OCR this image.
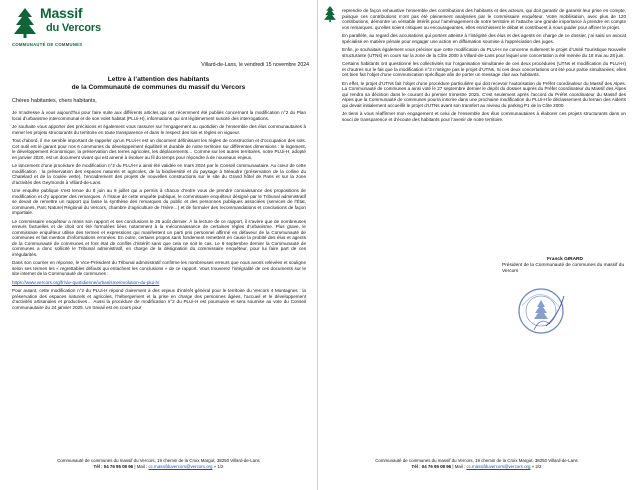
Massif
du Vercors
COMMUNAUTÉ DE COMMUNES
Villard-de-Lans, le vendredi 15 novembre 2024
Lettre à l’attention des habitants
de la Communauté de communes du massif du Vercors
Chères habitantes, chers habitants,

Je m’adresse à vous aujourd’hui pour faire suite aux différents articles qui ont récemment été publiés concernant la modification n°2 du Plan local d’urbanisme intercommunal et de son volet habitat (PLUi-H), informations qui ont légitimement suscité des interrogations.

Je souhaite vous apporter des précisions et également vous rassurer sur l’engagement au quotidien de l’ensemble des élus communautaires à mener les projets structurants du territoire en toute transparence et dans le respect des lois et règles en vigueur.

Tout d’abord, il me semble important de rappeler qu’un PLUi-H est un document définissant les règles de construction et d’occupation des sols. Cet outil est le garant pour nos 6 communes du développement équilibré et durable de notre territoire sur différentes dimensions : le logement, le développement économique, la préservation des terres agricoles, les déplacements… Comme sur les autres territoires, notre PLUi-H, adopté en janvier 2020, est un document vivant qui est amené à évoluer au fil du temps pour répondre à de nouveaux enjeux.

Le lancement d’une procédure de modification n°2 du PLUi-H a ainsi été validée en mars 2024 par le Conseil communautaire. Au cœur de cette modification : la préservation des espaces naturels et agricoles, de la biodiversité et du paysage à Méaudre (préservation de la colline du Chatelard et de la coulée verte), l’encadrement des projets de nouvelles constructions sur le site du Grand hôtel de Paris et sur la zone d’activités des Geymonds à Villard-de-Lans.

Une enquête publique s’est tenue du 8 juin au 9 juillet qui a permis à chacun d’entre vous de prendre connaissance des propositions de modification et d’y apporter des remarques. À l’issue de cette enquête publique, le commissaire enquêteur désigné par le Tribunal administratif se devait de remettre un rapport qui fasse la synthèse des remarques du public et des personnes publiques associées (services de l’État, communes, Parc Naturel Régional du Vercors, chambre d’agriculture de l’Isère…) et de formuler des recommandations et conclusions de façon impartiale.

Le commissaire enquêteur a remis son rapport et ses conclusions le 26 août dernier. À la lecture de ce rapport, il s’avère que de nombreuses erreurs factuelles et de droit ont été formulées liées notamment à la méconnaissance de certaines règles d’urbanisme. Plus grave, le commissaire enquêteur utilise des termes et expressions qui manifestent un parti pris personnel affirmé en défaveur de la Communauté de communes et fait mention d’informations erronées. En outre, certains propos sans fondement remettent en cause la probité des élus et agents de la Communauté de communes et font état de conflits d’intérêt sans que cela ne soit le cas. Le 6 septembre dernier la Communauté de communes a donc sollicité le Tribunal administratif, en charge de la désignation du commissaire enquêteur, pour lui faire part de ces irrégularités.

Dans son courrier en réponse, le Vice-Président du Tribunal administratif confirme les nombreuses erreurs que nous avons relevées et souligne selon ses termes les « regrettables défauts qui entachent les conclusions » de ce rapport. Vous trouverez l’intégralité de ces documents sur le site internet de la Communauté de communes :

https://www.vercors.org/fr/vie-quotidienne/urbanisme/evolution-du-plui-h/

Pour autant, cette modification n°2 du PLUi-H répond clairement à des enjeux d’intérêt général pour le territoire du Vercors 4 Montagnes : la préservation des espaces naturels et agricoles, l’hébergement et la prise en charge des personnes âgées, l’accueil et le développement d’activités artisanales et productives… Aussi la procédure de modification n°2 du PLUi-H est poursuivie et sera soumise au vote du Conseil communautaire du 24 janvier 2025. Un travail est en cours pour

Communauté de communes du massif du Vercors, 19 chemin de la Croix Margot, 38250 Villard-de-Lans
Tél : 04 76 95 08 96 | Mail : cc.massifduvercors@vercors.org » 1/2

reprendre de façon exhaustive l’ensemble des contributions des habitants et des acteurs, qui doit garantir de garantir leur prise en compte, puisque ces contributions n’ont pas été pleinement analysées par le commissaire enquêteur. Votre mobilisation, avec plus de 120 contributions, démontre un véritable intérêt pour l’aménagement de notre territoire et l’attache une grande importance à prendre en compte vos remarques, qu’elles soient critiques ou encourageantes, elles enrichissent le débat et contribuent à nous guider pour affiner le projet.

En parallèle, au regard des accusations qui portent atteinte à l’intégrité des élus et des agents en charge de ce dossier, j’ai saisi un avocat spécialisé en matière pénale pour engager une action en diffamation soumise à l’appréciation des juges.

Enfin, je souhaitais également vous préciser que cette modification du PLUi-H ne concerne nullement le projet d’Unité Touristique Nouvelle structurante (UTNs) en cours sur la zone de la Côte 2000 à Villard-de-Lans pour lequel une concertation a été menée du 18 mai au 28 juin.

Certains habitants ont questionné les collectivités sur l’organisation simultanée de ces deux procédures (UTNs et modification du PLUi-H) et d’autres sur le fait que la modification n°2 n’intègre pas le projet d’UTNs. Si ces deux concertations ont été pour partie simultanées, elles ont bien fait l’objet d’une communication spécifique afin de porter un message clair aux habitants.

En effet, le projet d’UTNs fait l’objet d’une procédure particulière qui doit recevoir l’autorisation du Préfet coordinateur du Massif des Alpes. La Communauté de communes a ainsi voté le 27 septembre dernier le dépôt du dossier auprès du Préfet coordinateur du Massif des Alpes qui rendra sa décision dans le courant du premier trimestre 2025. C’est seulement après l’accord du Préfet coordinateur du Massif des Alpes que la Communauté de communes pourra inscrire dans une prochaine modification du PLUi-H le déclassement du terrain des Aiderts qui devait initialement accueillir le projet d’UTNs avant son transfert au niveau du parking P1 de la Côte 2000.

Je tiens à vous réaffirmer mon engagement et celui de l’ensemble des élus communautaires à élaborer ces projets structurants dans un souci de transparence et d’écoute des habitants pour l’avenir de notre territoire.

Franck GIRARD
Président de la Communauté de communes du massif du Vercors
Communauté de communes du massif du Vercors, 19 chemin de la Croix Margot, 38250 Villard-de-Lans
Tél : 04 76 95 08 96 | Mail : cc.massifduvercors@vercors.org » 2/2
